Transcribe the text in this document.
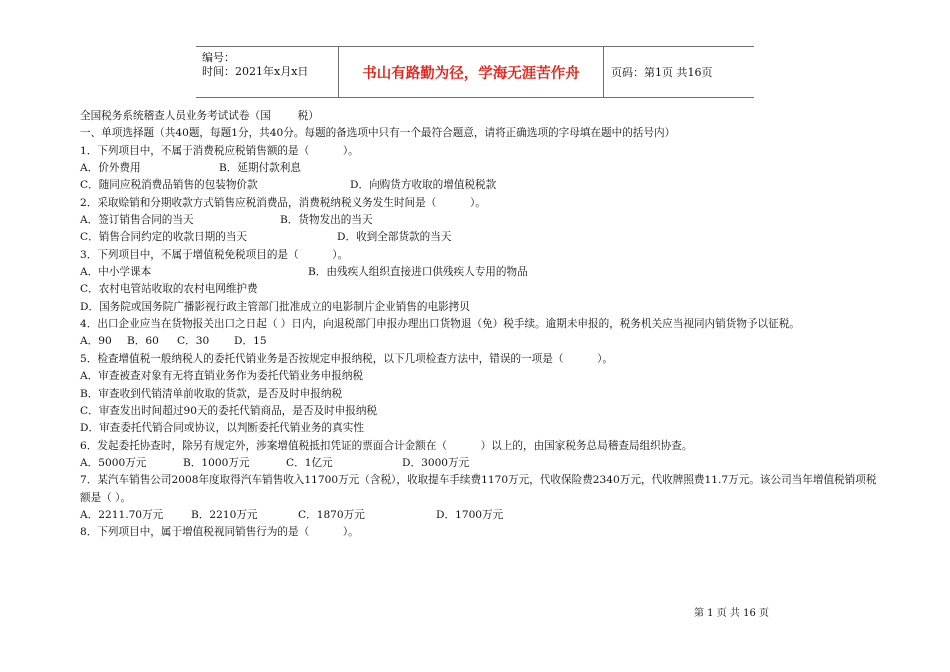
编号：
时间：2021年x月x日	书山有路勤为径，学海无涯苦作舟	页码：第1页 共16页
全国税务系统稽查人员业务考试试卷（国        税）
一、单项选择题（共40题，每题1分，共40分。每题的备选项中只有一个最符合题意，请将正确选项的字母填在题中的括号内）
1．下列项目中，不属于消费税应税销售额的是（          ）。
A．价外费用	B．延期付款利息
C．随同应税消费品销售的包装物价款	D．向购货方收取的增值税税款
2．采取赊销和分期收款方式销售应税消费品，消费税纳税义务发生时间是（          ）。
A．签订销售合同的当天	B．货物发出的当天
C．销售合同约定的收款日期的当天	D．收到全部货款的当天
3．下列项目中，不属于增值税免税项目的是（          ）。
A．中小学课本	B．由残疾人组织直接进口供残疾人专用的物品
C．农村电管站收取的农村电网维护费
D．国务院或国务院广播影视行政主管部门批准成立的电影制片企业销售的电影拷贝
4．出口企业应当在货物报关出口之日起（ ）日内，向退税部门申报办理出口货物退（免）税手续。逾期未申报的，税务机关应当视同内销货物予以征税。
A．90	B．60	C．30	D．15
5．检查增值税一般纳税人的委托代销业务是否按规定申报纳税，以下几项检查方法中，错误的一项是（          ）。
A．审查被查对象有无将直销业务作为委托代销业务申报纳税
B．审查收到代销清单前收取的货款，是否及时申报纳税
C．审查发出时间超过90天的委托代销商品，是否及时申报纳税
D．审查委托代销合同或协议，以判断委托代销业务的真实性
6．发起委托协查时，除另有规定外，涉案增值税抵扣凭证的票面合计金额在（          ）以上的，由国家税务总局稽查局组织协查。
A．5000万元	B．1000万元	C．1亿元	D．3000万元
7．某汽车销售公司2008年度取得汽车销售收入11700万元（含税），收取提车手续费1170万元，代收保险费2340万元，代收牌照费11.7万元。该公司当年增值税销项税额是（ ）。
A．2211.70万元	B．2210万元	C．1870万元	D．1700万元
8．下列项目中，属于增值税视同销售行为的是（          ）。
第 1 页 共 16 页
